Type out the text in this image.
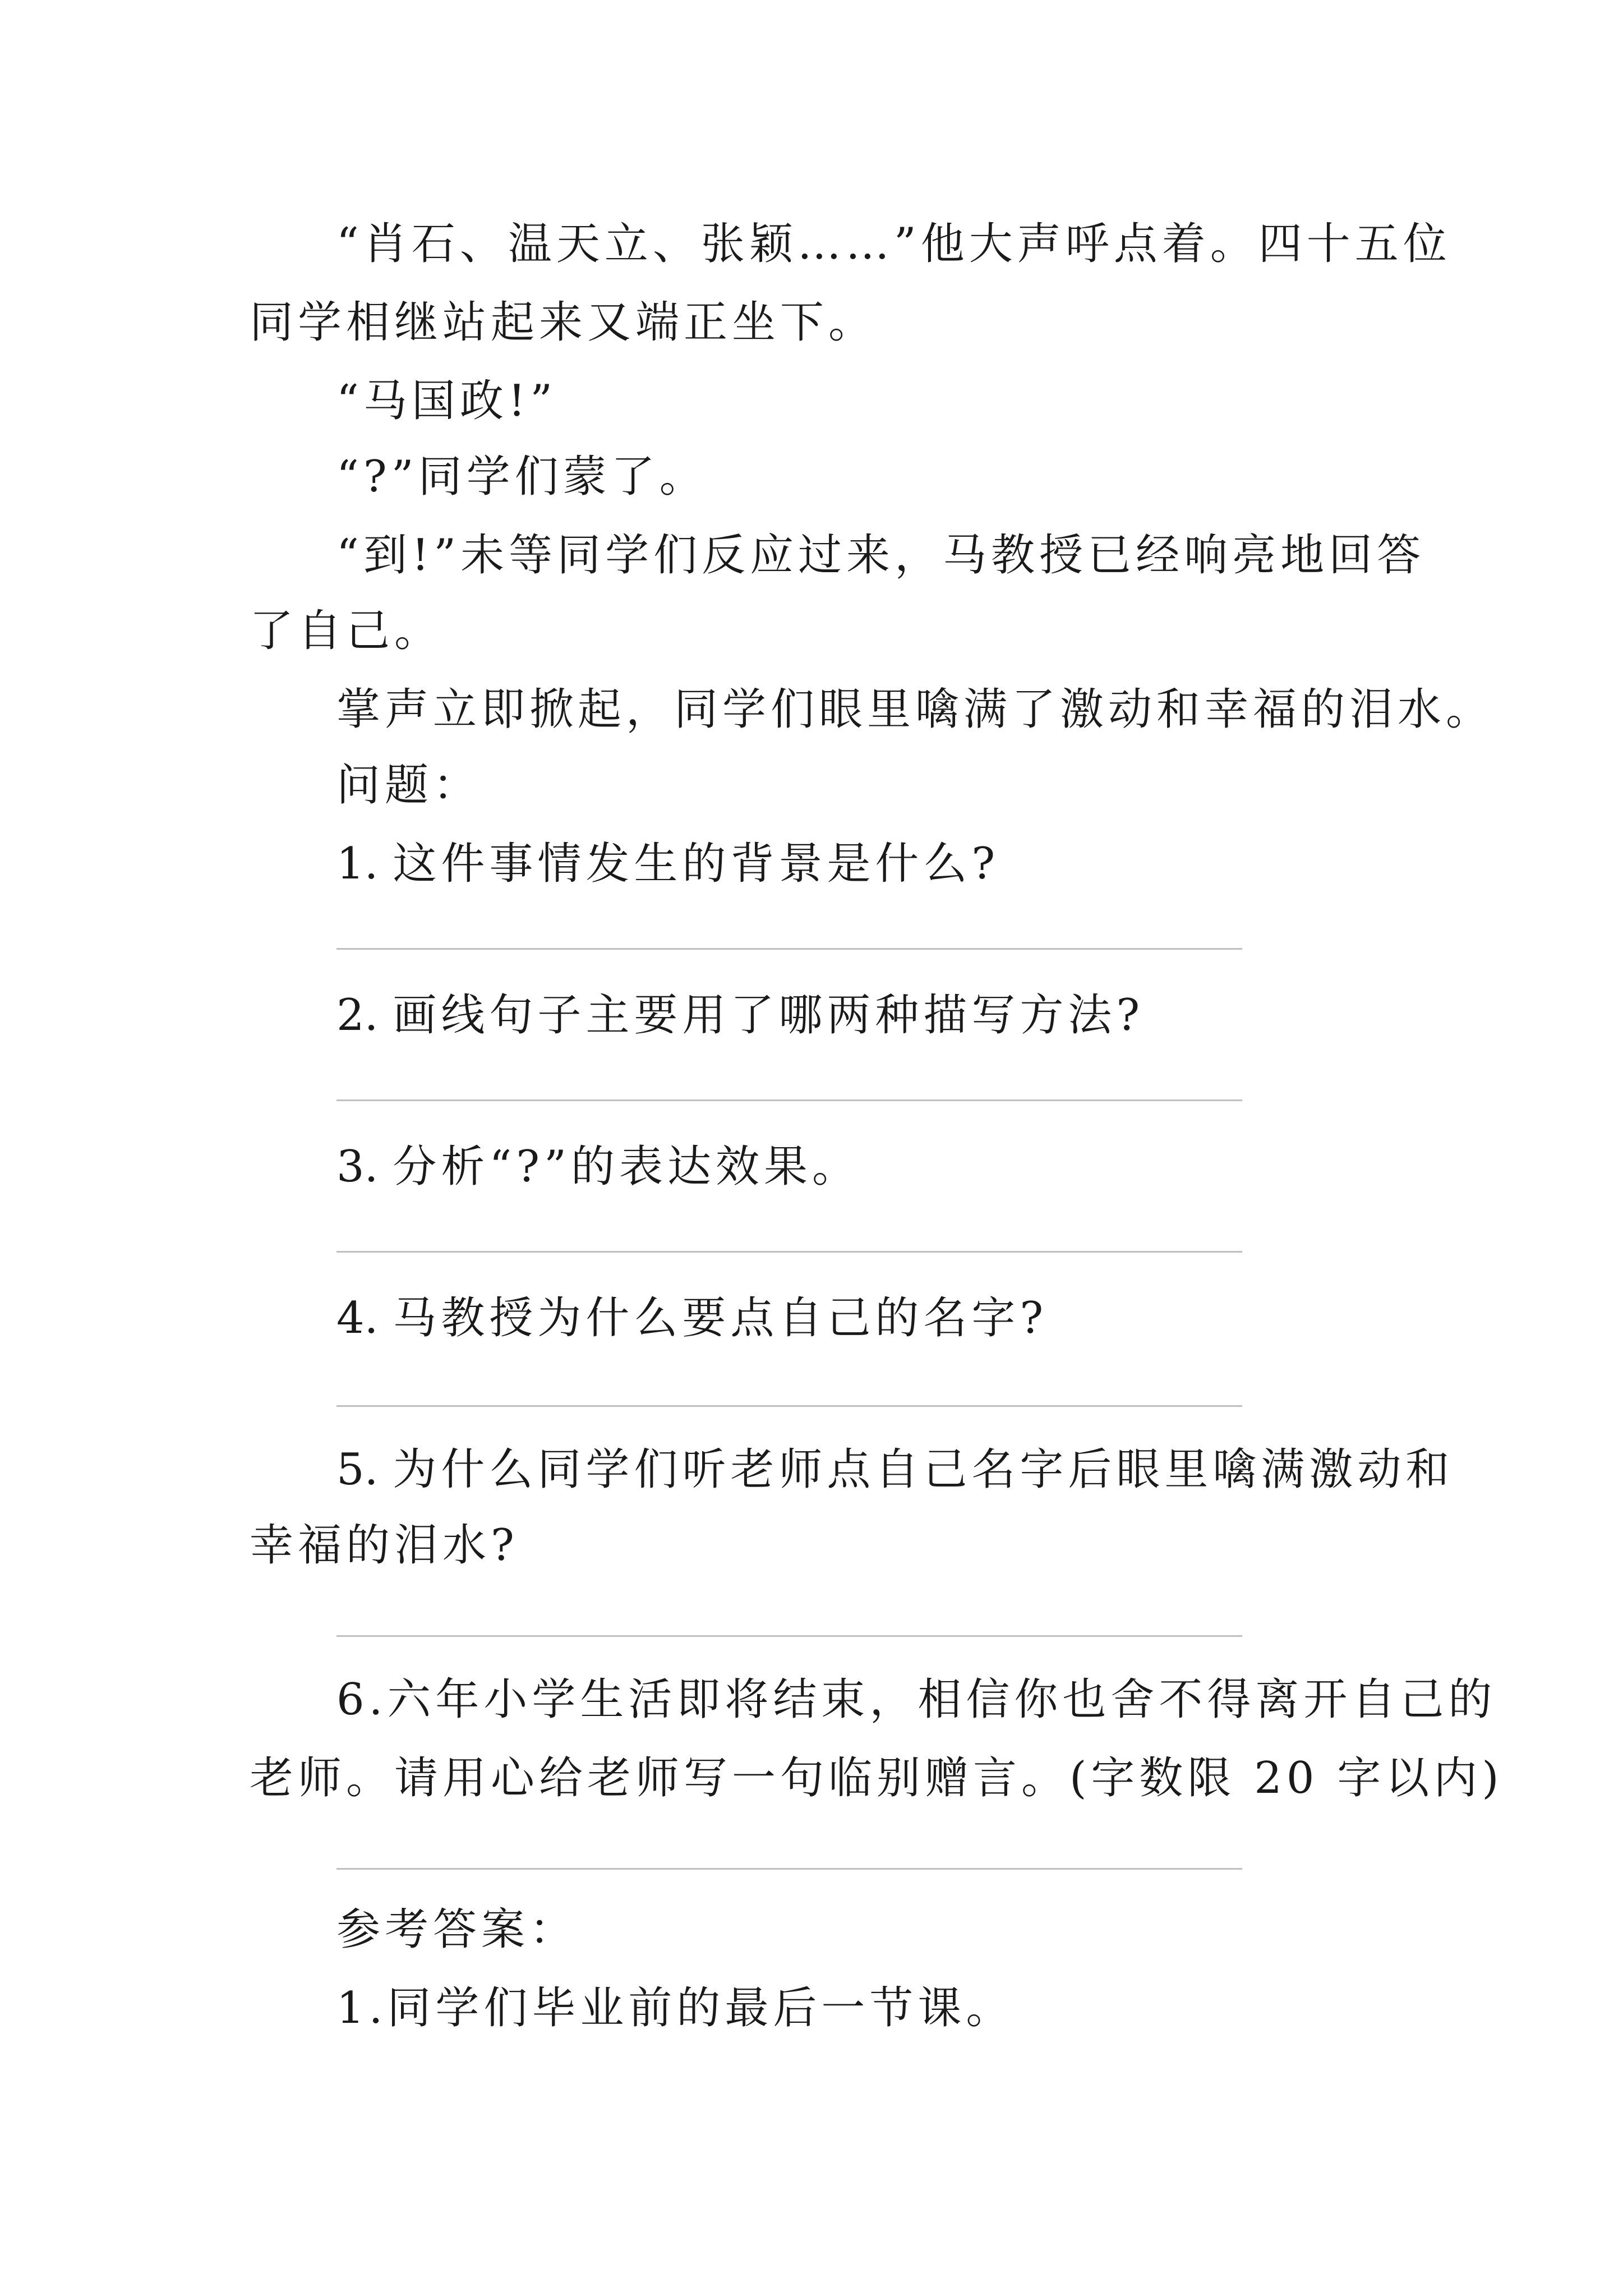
“肖石、温天立、张颖……”他大声呼点着。四十五位
同学相继站起来又端正坐下。
“马国政!”
“?”同学们蒙了。
“到!”未等同学们反应过来，马教授已经响亮地回答
了自己。
掌声立即掀起，同学们眼里噙满了激动和幸福的泪水。
问题：
1. 这件事情发生的背景是什么?
2. 画线句子主要用了哪两种描写方法?
3. 分析“?”的表达效果。
4. 马教授为什么要点自己的名字?
5. 为什么同学们听老师点自己名字后眼里噙满激动和
幸福的泪水?
6.六年小学生活即将结束，相信你也舍不得离开自己的
老师。请用心给老师写一句临别赠言。(字数限 20 字以内)
参考答案：
1.同学们毕业前的最后一节课。
